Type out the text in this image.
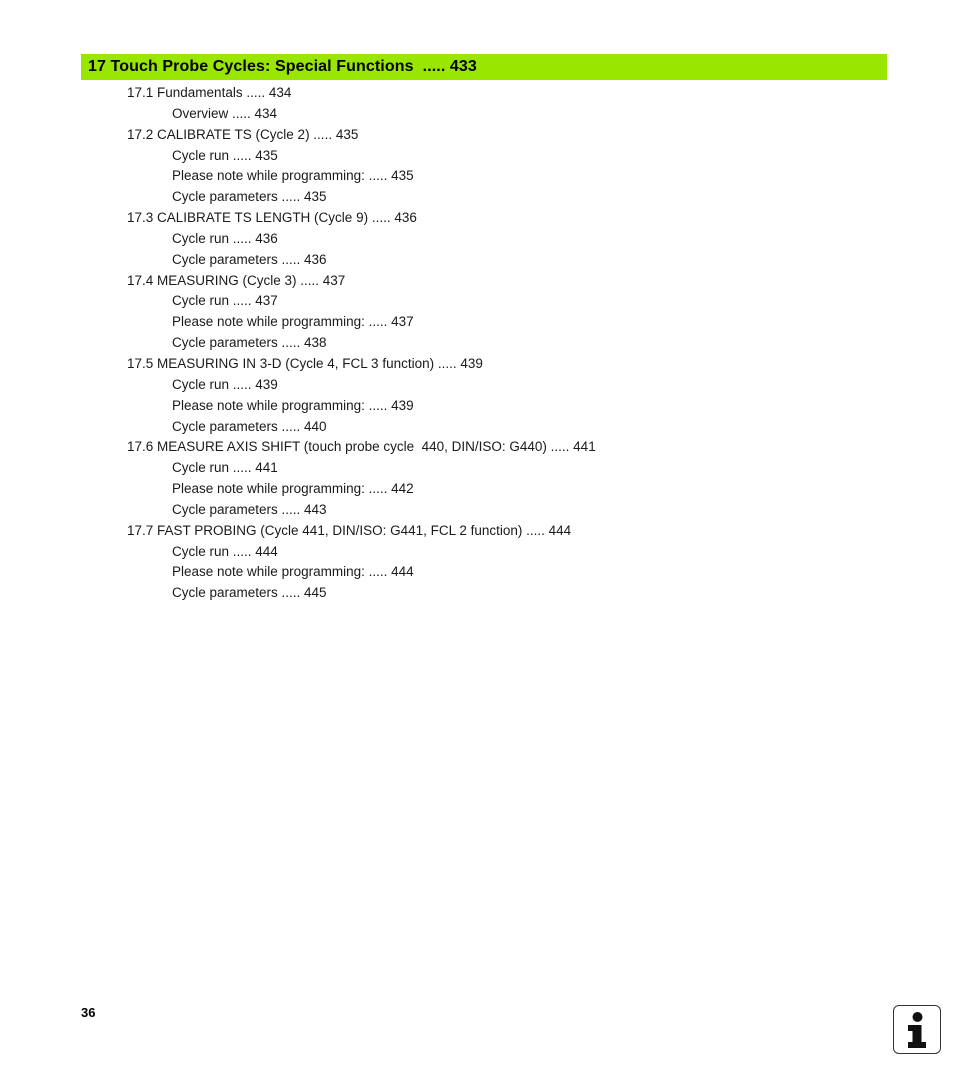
17 Touch Probe Cycles: Special Functions  ..... 433
17.1 Fundamentals ..... 434
Overview ..... 434
17.2 CALIBRATE TS (Cycle 2) ..... 435
Cycle run ..... 435
Please note while programming: ..... 435
Cycle parameters ..... 435
17.3 CALIBRATE TS LENGTH (Cycle 9) ..... 436
Cycle run ..... 436
Cycle parameters ..... 436
17.4 MEASURING (Cycle 3) ..... 437
Cycle run ..... 437
Please note while programming: ..... 437
Cycle parameters ..... 438
17.5 MEASURING IN 3-D (Cycle 4, FCL 3 function) ..... 439
Cycle run ..... 439
Please note while programming: ..... 439
Cycle parameters ..... 440
17.6 MEASURE AXIS SHIFT (touch probe cycle  440, DIN/ISO: G440) ..... 441
Cycle run ..... 441
Please note while programming: ..... 442
Cycle parameters ..... 443
17.7 FAST PROBING (Cycle 441, DIN/ISO: G441, FCL 2 function) ..... 444
Cycle run ..... 444
Please note while programming: ..... 444
Cycle parameters ..... 445
36
